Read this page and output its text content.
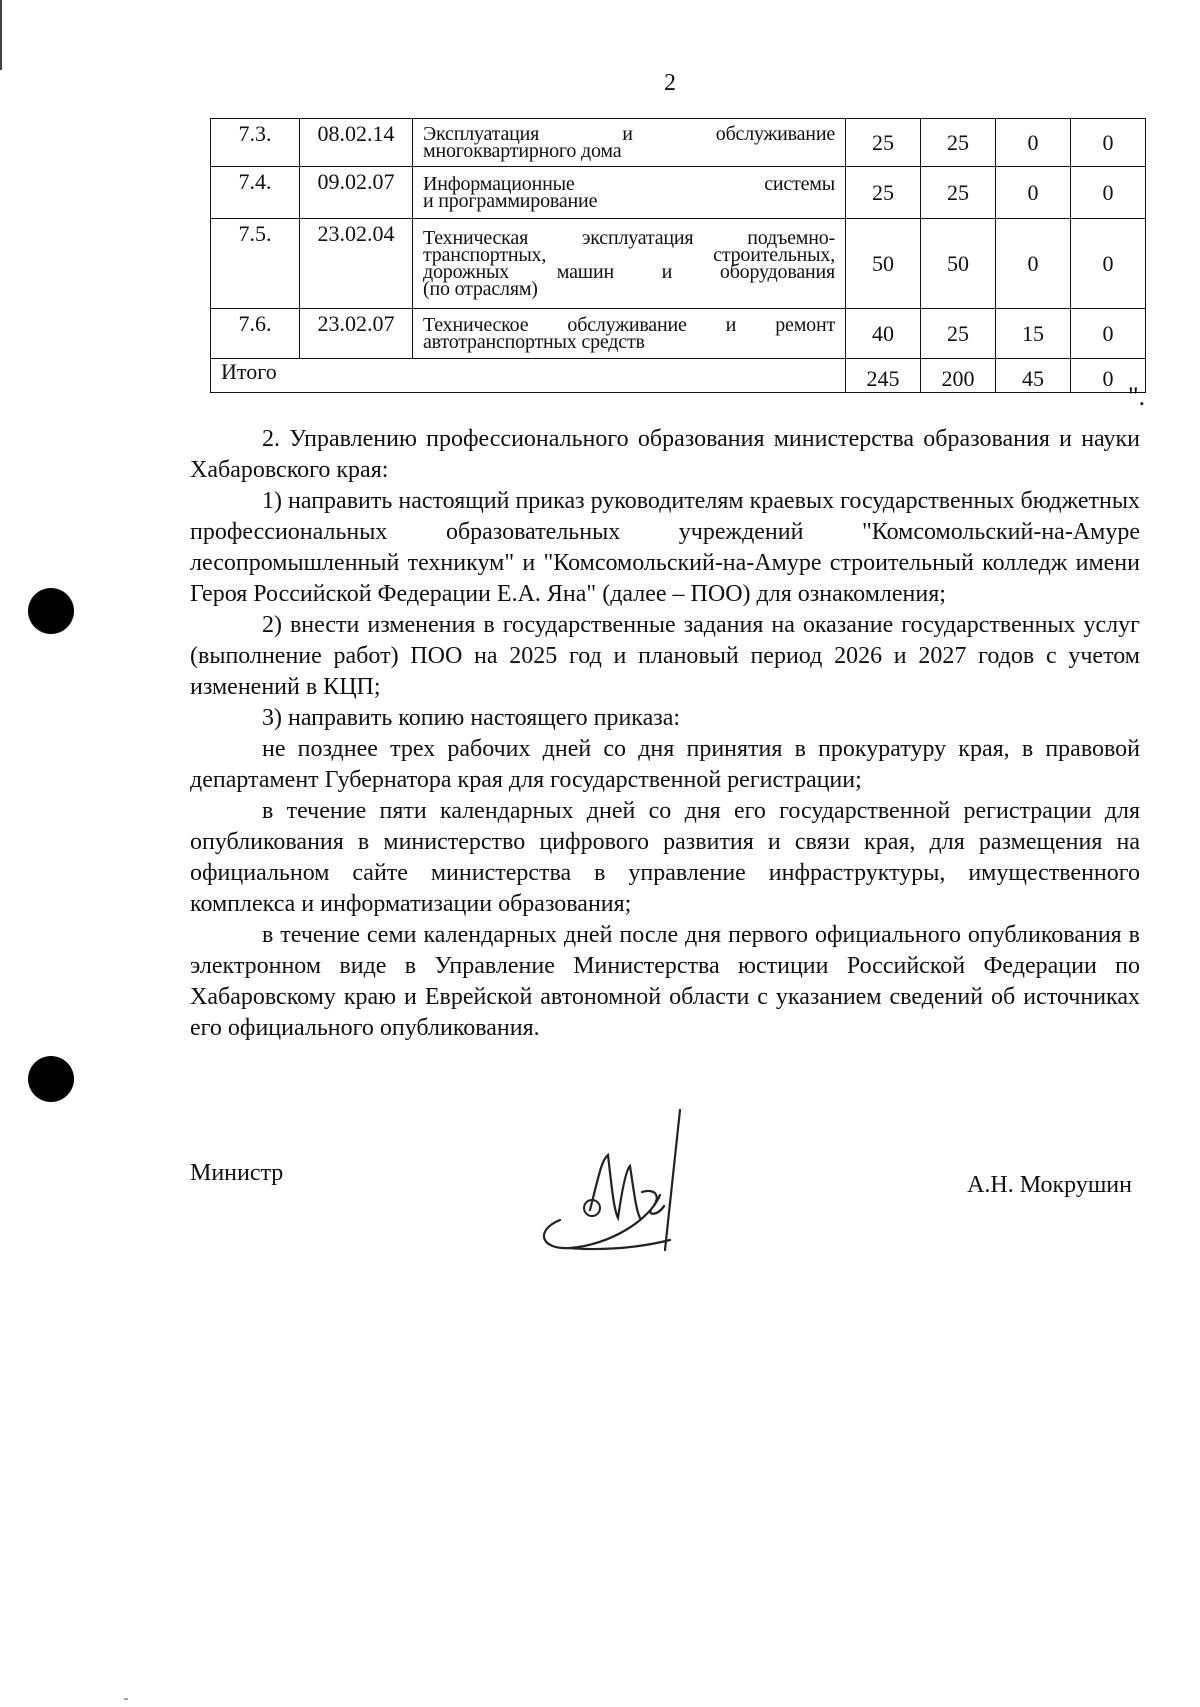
2
7.3.	08.02.14	Эксплуатация и обслуживание
многоквартирного дома	25	25	0	0
7.4.	09.02.07	Информационные системы
и программирование	25	25	0	0
7.5.	23.02.04	Техническая эксплуатация подъемно-
транспортных, строительных,
дорожных машин и оборудования
(по отраслям)	50	50	0	0
7.6.	23.02.07	Техническое обслуживание и ремонт
автотранспортных средств	40	25	15	0
Итого			245	200	45	0
".

2. Управлению профессионального образования министерства образования и науки Хабаровского края:

1) направить настоящий приказ руководителям краевых государственных бюджетных профессиональных образовательных учреждений "Комсомольский-на-Амуре лесопромышленный техникум" и "Комсомольский-на-Амуре строительный колледж имени Героя Российской Федерации Е.А. Яна" (далее – ПОО) для ознакомления;

2) внести изменения в государственные задания на оказание государственных услуг (выполнение работ) ПОО на 2025 год и плановый период 2026 и 2027 годов с учетом изменений в КЦП;

3) направить копию настоящего приказа:

не позднее трех рабочих дней со дня принятия в прокуратуру края, в правовой департамент Губернатора края для государственной регистрации;

в течение пяти календарных дней со дня его государственной регистрации для опубликования в министерство цифрового развития и связи края, для размещения на официальном сайте министерства в управление инфраструктуры, имущественного комплекса и информатизации образования;

в течение семи календарных дней после дня первого официального опубликования в электронном виде в Управление Министерства юстиции Российской Федерации по Хабаровскому краю и Еврейской автономной области с указанием сведений об источниках его официального опубликования.

Министр	А.Н. Мокрушин
